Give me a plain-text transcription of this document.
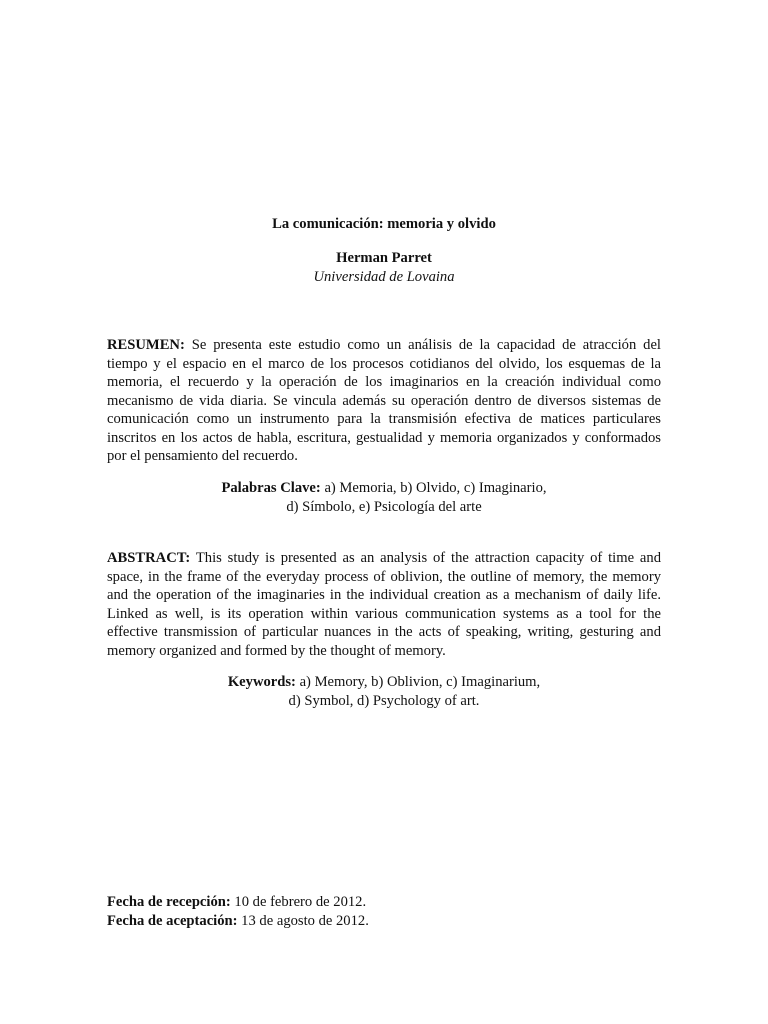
La comunicación: memoria y olvido
Herman Parret
Universidad de Lovaina
RESUMEN: Se presenta este estudio como un análisis de la capacidad de atracción del tiempo y el espacio en el marco de los procesos cotidianos del olvido, los esquemas de la memoria, el recuerdo y la operación de los imaginarios en la creación individual como mecanismo de vida diaria. Se vincula además su operación dentro de diversos sistemas de comunicación como un instrumento para la transmisión efectiva de matices particulares inscritos en los actos de habla, escritura, gestualidad y memoria organizados y conformados por el pensamiento del recuerdo.
Palabras Clave: a) Memoria, b) Olvido, c) Imaginario,
d) Símbolo, e) Psicología del arte
ABSTRACT: This study is presented as an analysis of the attraction capacity of time and space, in the frame of the everyday process of oblivion, the outline of memory, the memory and the operation of the imaginaries in the individual creation as a mechanism of daily life. Linked as well, is its operation within various communication systems as a tool for the effective transmission of particular nuances in the acts of speaking, writing, gesturing and memory organized and formed by the thought of memory.
Keywords: a) Memory, b) Oblivion, c) Imaginarium,
d) Symbol, d) Psychology of art.
Fecha de recepción: 10 de febrero de 2012.
Fecha de aceptación: 13 de agosto de 2012.
